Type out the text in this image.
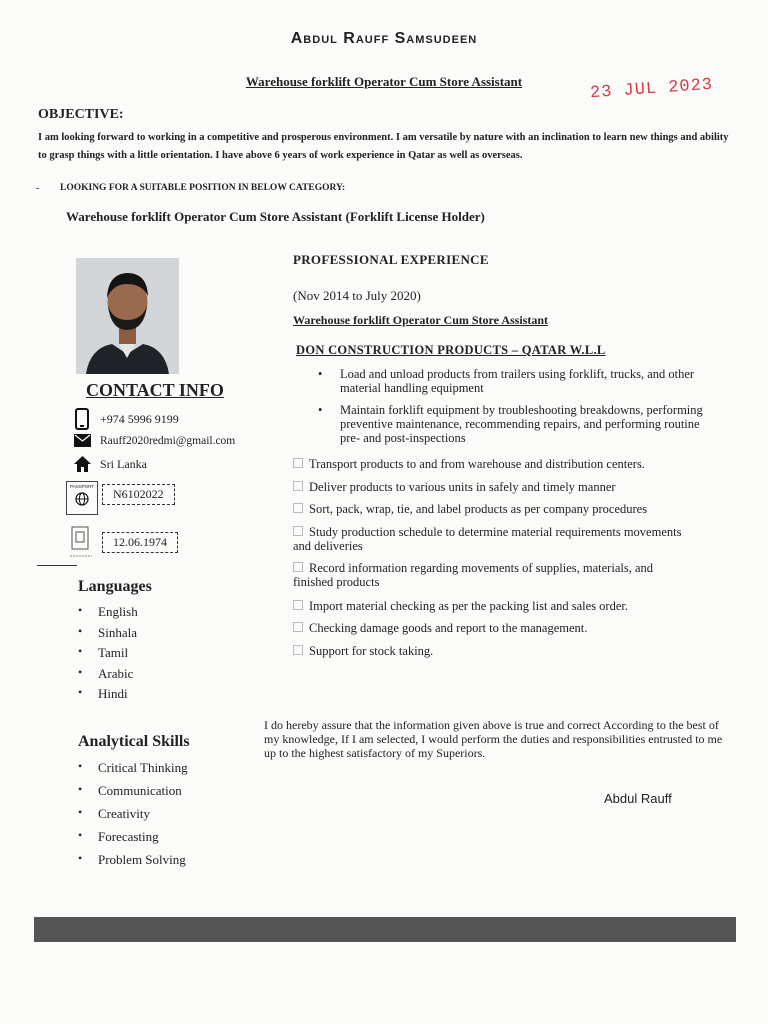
Abdul Rauff Samsudeen
Warehouse forklift Operator Cum Store Assistant	23 JUL 2023
OBJECTIVE:
I am looking forward to working in a competitive and prosperous environment. I am versatile by nature with an inclination to learn new things and ability to grasp things with a little orientation. I have above 6 years of work experience in Qatar as well as overseas.
- LOOKING FOR A SUITABLE POSITION IN BELOW CATEGORY:
Warehouse forklift Operator Cum Store Assistant (Forklift License Holder)
CONTACT INFO
+974 5996 9199
Rauff2020redmi@gmail.com
Sri Lanka
PASSPORT
N6102022
12.06.1974
Languages
• English
• Sinhala
• Tamil
• Arabic
• Hindi
Analytical Skills
• Critical Thinking
• Communication
• Creativity
• Forecasting
• Problem Solving
PROFESSIONAL EXPERIENCE
(Nov 2014 to July 2020)
Warehouse forklift Operator Cum Store Assistant
DON CONSTRUCTION PRODUCTS – QATAR W.L.L
• Load and unload products from trailers using forklift, trucks, and other material handling equipment
• Maintain forklift equipment by troubleshooting breakdowns, performing preventive maintenance, recommending repairs, and performing routine pre- and post-inspections
Transport products to and from warehouse and distribution centers.
Deliver products to various units in safely and timely manner
Sort, pack, wrap, tie, and label products as per company procedures
Study production schedule to determine material requirements movements and deliveries
Record information regarding movements of supplies, materials, and finished products
Import material checking as per the packing list and sales order.
Checking damage goods and report to the management.
Support for stock taking.
I do hereby assure that the information given above is true and correct According to the best of my knowledge, If I am selected, I would perform the duties and responsibilities entrusted to me up to the highest satisfactory of my Superiors.
Abdul Rauff
